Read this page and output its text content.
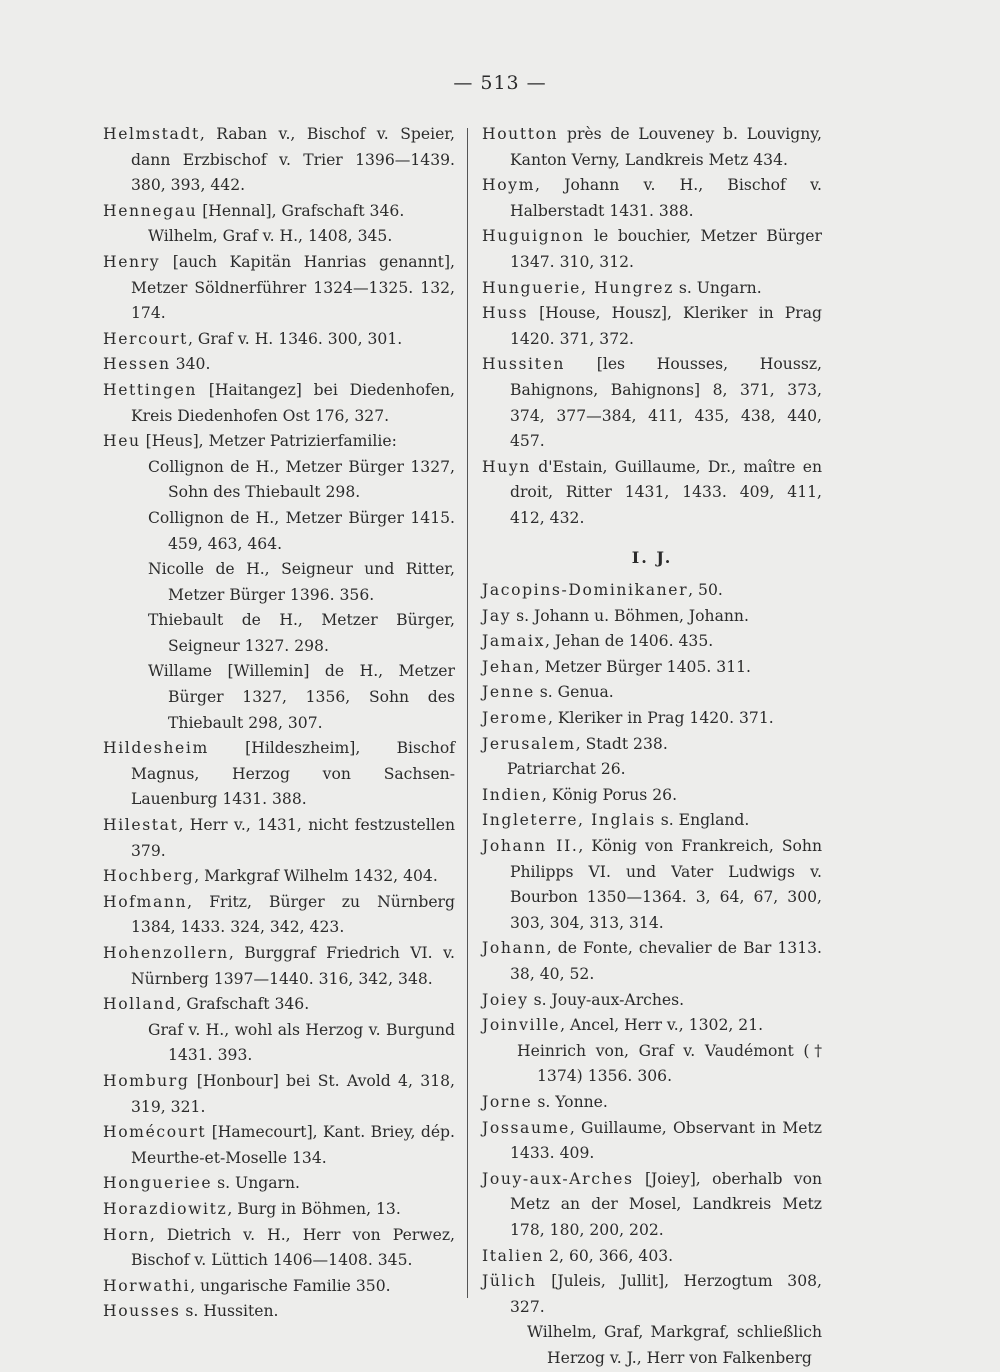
— 513 —

Helmstadt, Raban v., Bischof v. Speier, dann Erzbischof v. Trier 1396—1439. 380, 393, 442.

Hennegau [Hennal], Grafschaft 346.

Wilhelm, Graf v. H., 1408, 345.

Henry [auch Kapitän Hanrias genannt], Metzer Söldnerführer 1324—1325. 132, 174.

Hercourt, Graf v. H. 1346. 300, 301.

Hessen 340.

Hettingen [Haitangez] bei Diedenhofen, Kreis Diedenhofen Ost 176, 327.

Heu [Heus], Metzer Patrizierfamilie:

Collignon de H., Metzer Bürger 1327, Sohn des Thiebault 298.

Collignon de H., Metzer Bürger 1415. 459, 463, 464.

Nicolle de H., Seigneur und Ritter, Metzer Bürger 1396. 356.

Thiebault de H., Metzer Bürger, Seigneur 1327. 298.

Willame [Willemin] de H., Metzer Bürger 1327, 1356, Sohn des Thiebault 298, 307.

Hildesheim [Hildeszheim], Bischof Magnus, Herzog von Sachsen-Lauenburg 1431. 388.

Hilestat, Herr v., 1431, nicht festzustellen 379.

Hochberg, Markgraf Wilhelm 1432, 404.

Hofmann, Fritz, Bürger zu Nürnberg 1384, 1433. 324, 342, 423.

Hohenzollern, Burggraf Friedrich VI. v. Nürnberg 1397—1440. 316, 342, 348.

Holland, Grafschaft 346.

Graf v. H., wohl als Herzog v. Burgund 1431. 393.

Homburg [Honbour] bei St. Avold 4, 318, 319, 321.

Homécourt [Hamecourt], Kant. Briey, dép. Meurthe-et-Moselle 134.

Hongueriee s. Ungarn.

Horazdiowitz, Burg in Böhmen, 13.

Horn, Dietrich v. H., Herr von Perwez, Bischof v. Lüttich 1406—1408. 345.

Horwathi, ungarische Familie 350.

Housses s. Hussiten.

Houtton près de Louveney b. Louvigny, Kanton Verny, Landkreis Metz 434.

Hoym, Johann v. H., Bischof v. Halberstadt 1431. 388.

Huguignon le bouchier, Metzer Bürger 1347. 310, 312.

Hunguerie, Hungrez s. Ungarn.

Huss [House, Housz], Kleriker in Prag 1420. 371, 372.

Hussiten [les Housses, Houssz, Bahignons, Bahignons] 8, 371, 373, 374, 377—384, 411, 435, 438, 440, 457.

Huyn d'Estain, Guillaume, Dr., maître en droit, Ritter 1431, 1433. 409, 411, 412, 432.

I. J.

Jacopins-Dominikaner, 50.

Jay s. Johann u. Böhmen, Johann.

Jamaix, Jehan de 1406. 435.

Jehan, Metzer Bürger 1405. 311.

Jenne s. Genua.

Jerome, Kleriker in Prag 1420. 371.

Jerusalem, Stadt 238.

Patriarchat 26.

Indien, König Porus 26.

Ingleterre, Inglais s. England.

Johann II., König von Frankreich, Sohn Philipps VI. und Vater Ludwigs v. Bourbon 1350—1364. 3, 64, 67, 300, 303, 304, 313, 314.

Johann, de Fonte, chevalier de Bar 1313. 38, 40, 52.

Joiey s. Jouy-aux-Arches.

Joinville, Ancel, Herr v., 1302, 21.

Heinrich von, Graf v. Vaudémont († 1374) 1356. 306.

Jorne s. Yonne.

Jossaume, Guillaume, Observant in Metz 1433. 409.

Jouy-aux-Arches [Joiey], oberhalb von Metz an der Mosel, Landkreis Metz 178, 180, 200, 202.

Italien 2, 60, 366, 403.

Jülich [Juleis, Jullit], Herzogtum 308, 327.

Wilhelm, Graf, Markgraf, schließlich Herzog v. J., Herr von Falkenberg
